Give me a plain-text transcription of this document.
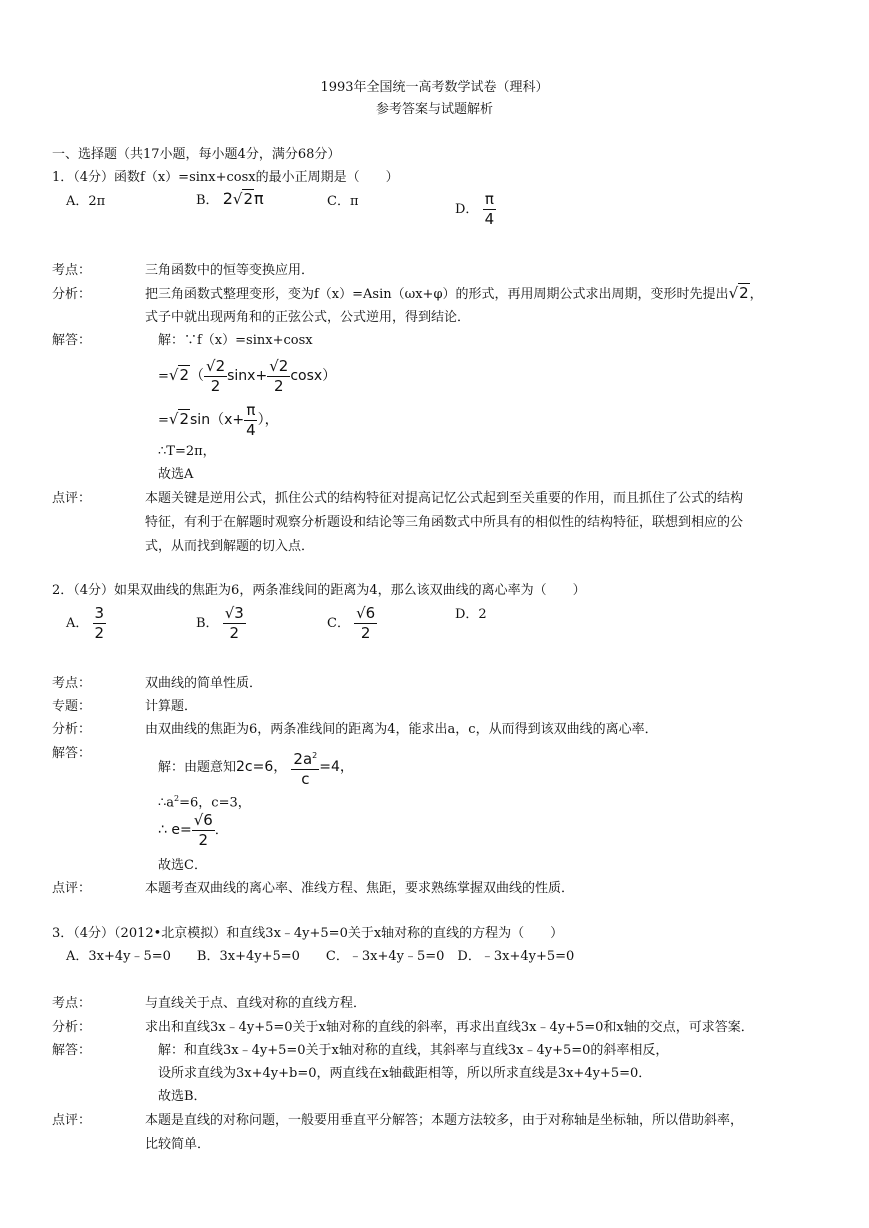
1993年全国统一高考数学试卷（理科）
参考答案与试题解析
一、选择题（共17小题，每小题4分，满分68分）
1．（4分）函数f（x）=sinx+cosx的最小正周期是（　　）
A．2π	B． 2√2π	C．π
D． $\frac{\pi}{4}$
考点：	三角函数中的恒等变换应用．
分析：	把三角函数式整理变形，变为f（x）=Asin（ωx+φ）的形式，再用周期公式求出周期，变形时先提出√2，
式子中就出现两角和的正弦公式，公式逆用，得到结论．
解答：	解：∵f（x）=sinx+cosx
$=√2( \frac{√2}{2} \sin x+ \frac{√2}{2} \cos x)$
$=√2\sin(x+ \frac{\pi}{4}$ ），
∴T=2π，
故选A
点评：	本题关键是逆用公式，抓住公式的结构特征对提高记忆公式起到至关重要的作用，而且抓住了公式的结构
特征，有利于在解题时观察分析题设和结论等三角函数式中所具有的相似性的结构特征，联想到相应的公
式，从而找到解题的切入点．
2．（4分）如果双曲线的焦距为6，两条准线间的距离为4，那么该双曲线的离心率为（　　）
A． $\frac{3}{2}$	B． $\frac{√3}{2}$	C． $\frac{√6}{2}$	D．2
考点：	双曲线的简单性质．
专题：	计算题．
分析：	由双曲线的焦距为6，两条准线间的距离为4，能求出a，c，从而得到该双曲线的离心率．
解答：
解：由题意知2c=6， $\frac{2a^2}{c} =4$，
$\therefore a^2=6$，c=3，
∴ $e= \frac{√6}{2}$ ．
故选C．
点评：	本题考查双曲线的离心率、准线方程、焦距，要求熟练掌握双曲线的性质．
3．（4分）（2012•北京模拟）和直线3x﹣4y+5=0关于x轴对称的直线的方程为（　　）
A．3x+4y﹣5=0　　B．3x+4y+5=0　　C．﹣3x+4y﹣5=0　D．﹣3x+4y+5=0
考点：	与直线关于点、直线对称的直线方程．
分析：	求出和直线3x﹣4y+5=0关于x轴对称的直线的斜率，再求出直线3x﹣4y+5=0和x轴的交点，可求答案．
解答：	解：和直线3x﹣4y+5=0关于x轴对称的直线，其斜率与直线3x﹣4y+5=0的斜率相反，
设所求直线为3x+4y+b=0，两直线在x轴截距相等，所以所求直线是3x+4y+5=0．
故选B．
点评：	本题是直线的对称问题，一般要用垂直平分解答；本题方法较多，由于对称轴是坐标轴，所以借助斜率，
比较简单．
